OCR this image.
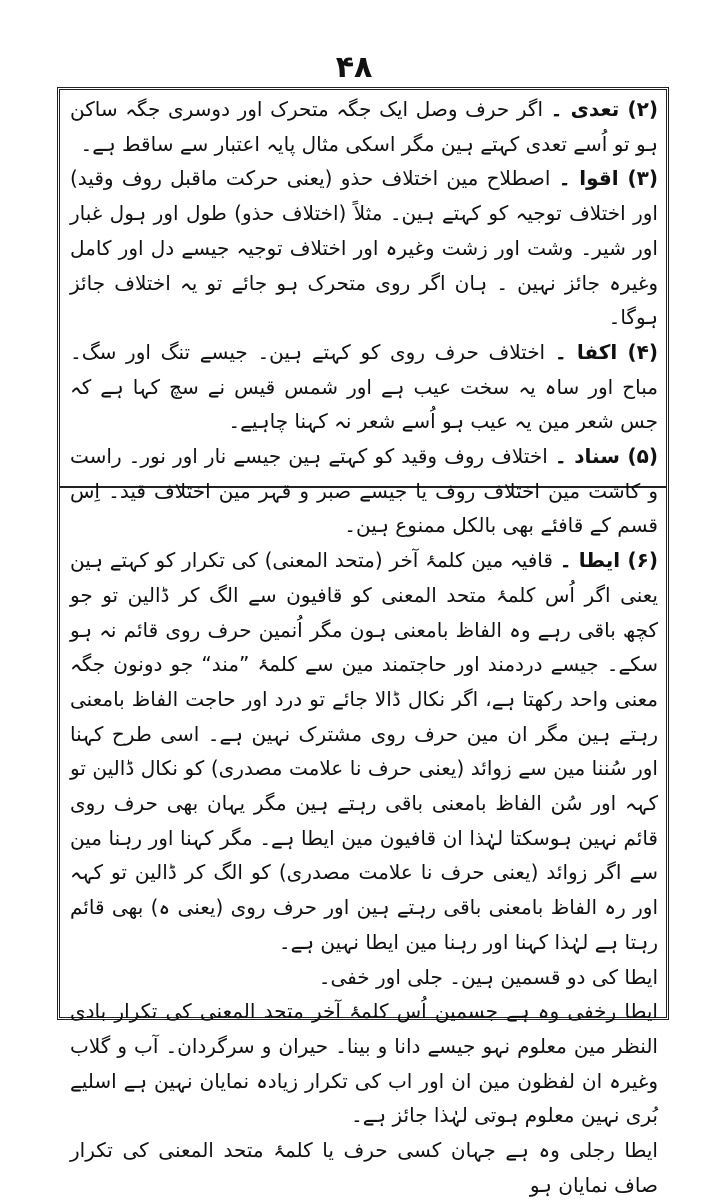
۴۸

(۲) تعدی ۔ اگر حرف وصل ایک جگہ متحرک اور دوسری جگہ ساکن ہو تو اُسے تعدی کہتے ہین مگر اسکی مثال پایہ اعتبار سے ساقط ہے۔

(۳) اقوا ۔ اصطلاح مین اختلاف حذو (یعنی حرکت ماقبل روف وقید) اور اختلاف توجیہ کو کہتے ہین۔ مثلاً (اختلاف حذو) طول اور ہول غبار اور شیر۔ وشت اور زشت وغیرہ اور اختلاف توجیہ جیسے دل اور کامل وغیرہ جائز نہین ۔ ہان اگر روی متحرک ہو جائے تو یہ اختلاف جائز ہوگا۔

(۴) اکفا ۔ اختلاف حرف روی کو کہتے ہین۔ جیسے تنگ اور سگ۔ مباح اور ساہ یہ سخت عیب ہے اور شمس قیس نے سچ کہا ہے کہ جس شعر مین یہ عیب ہو اُسے شعر نہ کہنا چاہیے۔

(۵) سناد ۔ اختلاف روف وقید کو کہتے ہین جیسے نار اور نور۔ راست و کاشت مین اختلاف روف یا جیسے صبر و قہر مین اختلاف قید۔ اِس قسم کے قافئے بھی بالکل ممنوع ہین۔

(۶) ایطا ۔ قافیہ مین کلمۂ آخر (متحد المعنی) کی تکرار کو کہتے ہین یعنی اگر اُس کلمۂ متحد المعنی کو قافیون سے الگ کر ڈالین تو جو کچھ باقی رہے وہ الفاظ بامعنی ہون مگر اُنمین حرف روی قائم نہ ہو سکے۔ جیسے دردمند اور حاجتمند مین سے کلمۂ ”مند“ جو دونون جگہ معنی واحد رکھتا ہے، اگر نکال ڈالا جائے تو درد اور حاجت الفاظ بامعنی رہتے ہین مگر ان مین حرف روی مشترک نہین ہے۔ اسی طرح کہنا اور سُننا مین سے زوائد (یعنی حرف نا علامت مصدری) کو نکال ڈالین تو کہہ اور سُن الفاظ بامعنی باقی رہتے ہین مگر یہان بھی حرف روی قائم نہین ہوسکتا لہٰذا ان قافیون مین ایطا ہے۔ مگر کہنا اور رہنا مین سے اگر زوائد (یعنی حرف نا علامت مصدری) کو الگ کر ڈالین تو کہہ اور رہ الفاظ بامعنی باقی رہتے ہین اور حرف روی (یعنی ہ) بھی قائم رہتا ہے لہٰذا کہنا اور رہنا مین ایطا نہین ہے۔

ایطا کی دو قسمین ہین۔ جلی اور خفی۔

ایطا رخفی وہ ہے جسمین اُس کلمۂ آخر متحد المعنی کی تکرار بادی النظر مین معلوم نہو جیسے دانا و بینا۔ حیران و سرگردان۔ آب و گلاب وغیرہ ان لفظون مین ان اور اب کی تکرار زیادہ نمایان نہین ہے اسلیے بُری نہین معلوم ہوتی لہٰذا جائز ہے۔

ایطا رجلی وہ ہے جہان کسی حرف یا کلمۂ متحد المعنی کی تکرار صاف نمایان ہو
